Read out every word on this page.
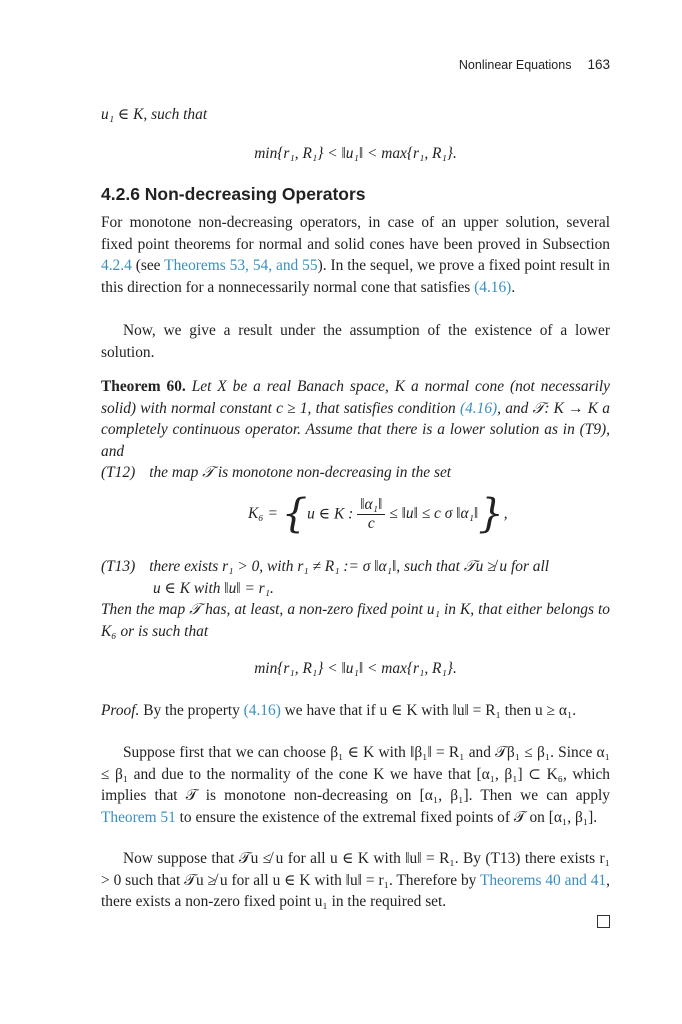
Nonlinear Equations 163
u₁ ∈ K, such that
min{r₁, R₁} < ‖u₁‖ < max{r₁, R₁}.
4.2.6 Non-decreasing Operators
For monotone non-decreasing operators, in case of an upper solution, several fixed point theorems for normal and solid cones have been proved in Subsection 4.2.4 (see Theorems 53, 54, and 55). In the sequel, we prove a fixed point result in this direction for a nonnecessarily normal cone that satisfies (4.16).
Now, we give a result under the assumption of the existence of a lower solution.
Theorem 60. Let X be a real Banach space, K a normal cone (not necessarily solid) with normal constant c ≥ 1, that satisfies condition (4.16), and 𝒯: K → K a completely continuous operator. Assume that there is a lower solution as in (T9), and
(T12) the map 𝒯 is monotone non-decreasing in the set
K₆ = {u ∈ K : $\frac{\text{‖α₁‖}}{c}$ ≤ ‖u‖ ≤ c σ ‖α₁‖},
(T13) there exists r₁ > 0, with r₁ ≠ R₁ := σ ‖α₁‖, such that 𝒯u ≱ u for all
u ∈ K with ‖u‖ = r₁.
Then the map 𝒯 has, at least, a non-zero fixed point u₁ in K, that either belongs to K₆ or is such that
min{r₁, R₁} < ‖u₁‖ < max{r₁, R₁}.
Proof. By the property (4.16) we have that if u ∈ K with ‖u‖ = R₁ then u ≥ α₁.
Suppose first that we can choose β₁ ∈ K with ‖β₁‖ = R₁ and 𝒯β₁ ≤ β₁. Since α₁ ≤ β₁ and due to the normality of the cone K we have that [α₁, β₁] ⊂ K₆, which implies that 𝒯 is monotone non-decreasing on [α₁, β₁]. Then we can apply Theorem 51 to ensure the existence of the extremal fixed points of 𝒯 on [α₁, β₁].
Now suppose that 𝒯u ≰ u for all u ∈ K with ‖u‖ = R₁. By (T13) there exists r₁ > 0 such that 𝒯u ≱ u for all u ∈ K with ‖u‖ = r₁. Therefore by Theorems 40 and 41, there exists a non-zero fixed point u₁ in the required set.
